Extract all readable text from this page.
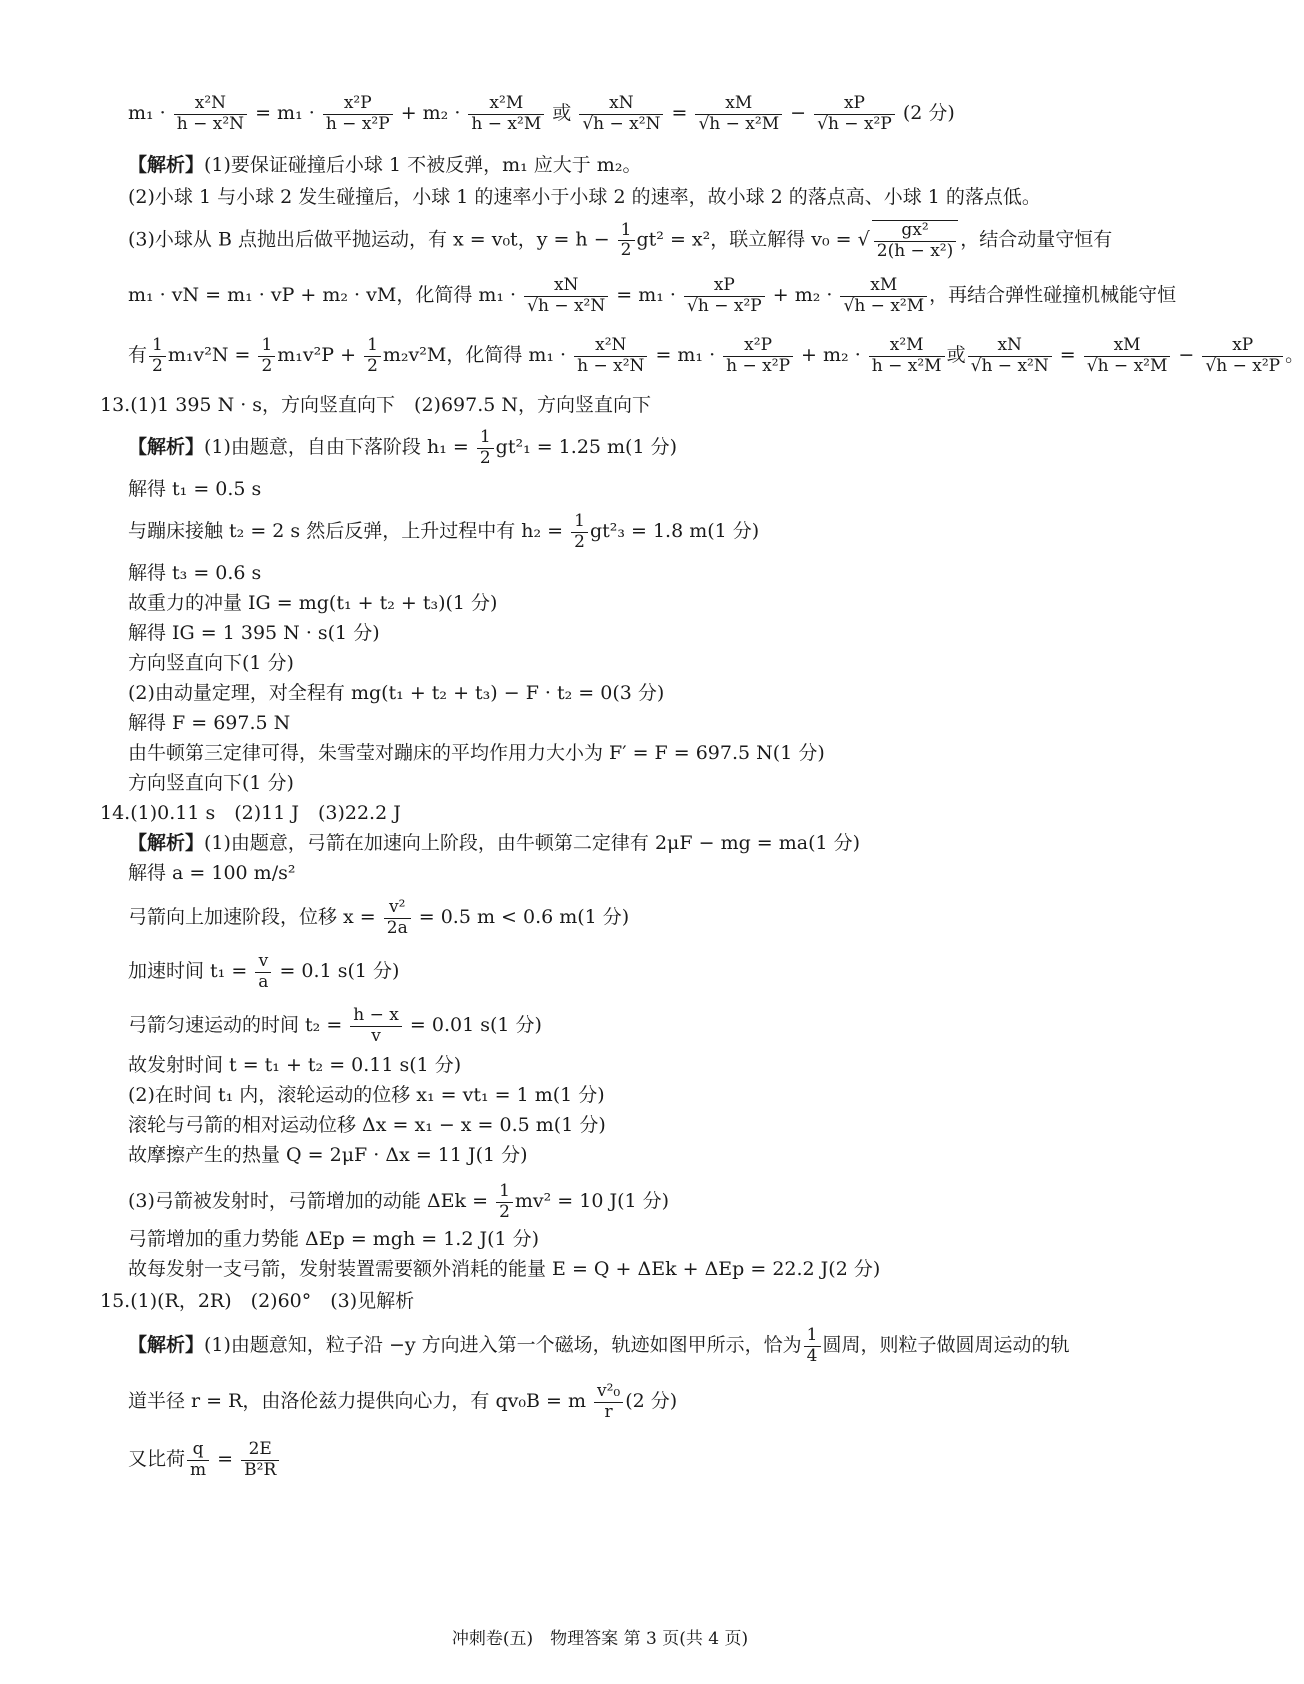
$m_1 \cdot \frac{\text{x²N}}{\text{h − x²N}} = m_1 \cdot \frac{\text{x²P}}{\text{h − x²P}} + m_2 \cdot \frac{\text{x²M}}{\text{h − x²M}}$ 或 $\frac{xN}{\text{√h − x²N}} = \frac{xM}{\text{√h − x²M}} - \frac{xP}{\text{√h − x²P}} (2$ 分)
【解析】(1)要保证碰撞后小球 1 不被反弹，m₁ 应大于 m₂。
(2)小球 1 与小球 2 发生碰撞后，小球 1 的速率小于小球 2 的速率，故小球 2 的落点高、小球 1 的落点低。
(3)小球从 B 点抛出后做平抛运动，有 x = v₀t，$y = h - \frac{1}{2} gt^2 = x^2$，联立解得 v₀ = √ $\frac{\text{gx²}}{\text{2(h − x²)}}$ ，结合动量守恒有
m₁ · vN = m₁ · vP + m₂ · vM，化简得 $m_1 \cdot \frac{xN}{\text{√h − x²N}} = m_1 \cdot \frac{xP}{\text{√h − x²P}} + m_2 \cdot \frac{xM}{\text{√h − x²M}}$ ，再结合弹性碰撞机械能守恒
有 $\frac{1}{2} m_1v^2N = \frac{1}{2} m_1v^2P + \frac{1}{2} m_2v^2M$，化简得 $m_1 \cdot \frac{\text{x²N}}{\text{h − x²N}} = m_1 \cdot \frac{\text{x²P}}{\text{h − x²P}} + m_2 \cdot \frac{\text{x²M}}{\text{h − x²M}}$ 或 $\frac{xN}{\text{√h − x²N}} = \frac{xM}{\text{√h − x²M}} - \frac{xP}{\text{√h − x²P}}$ 。
13.(1)1 395 N · s，方向竖直向下　(2)697.5 N，方向竖直向下
【解析】(1)由题意，自由下落阶段 $h_1 = \frac{1}{2} gt^2_1 = 1.25$ m(1 分)
解得 t₁ = 0.5 s
与蹦床接触 t₂ = 2 s 然后反弹，上升过程中有 $h_2 = \frac{1}{2} gt^2_3 = 1.8$ m(1 分)
解得 t₃ = 0.6 s
故重力的冲量 IG = mg(t₁ + t₂ + t₃)(1 分)
解得 IG = 1 395 N · s(1 分)
方向竖直向下(1 分)
(2)由动量定理，对全程有 mg(t₁ + t₂ + t₃) − F · t₂ = 0(3 分)
解得 F = 697.5 N
由牛顿第三定律可得，朱雪莹对蹦床的平均作用力大小为 F′ = F = 697.5 N(1 分)
方向竖直向下(1 分)
14.(1)0.11 s　(2)11 J　(3)22.2 J
【解析】(1)由题意，弓箭在加速向上阶段，由牛顿第二定律有 2μF − mg = ma(1 分)
解得 a = 100 m/s²
弓箭向上加速阶段，位移 $x = \frac{\text{v²}}{2a} = 0.5$ m < 0.6 m(1 分)
加速时间 $t_1 = \frac{v}{a} = 0.1$ s(1 分)
弓箭匀速运动的时间 $t_2 = \frac{h - x}{v} = 0.01$ s(1 分)
故发射时间 t = t₁ + t₂ = 0.11 s(1 分)
(2)在时间 t₁ 内，滚轮运动的位移 x₁ = vt₁ = 1 m(1 分)
滚轮与弓箭的相对运动位移 Δx = x₁ − x = 0.5 m(1 分)
故摩擦产生的热量 Q = 2μF · Δx = 11 J(1 分)
(3)弓箭被发射时，弓箭增加的动能 $\Delta Ek = \frac{1}{2} mv^2 = 10$ J(1 分)
弓箭增加的重力势能 ΔEp = mgh = 1.2 J(1 分)
故每发射一支弓箭，发射装置需要额外消耗的能量 E = Q + ΔEk + ΔEp = 22.2 J(2 分)
15.(1)(R，2R)　(2)60°　(3)见解析
【解析】(1)由题意知，粒子沿 −y 方向进入第一个磁场，轨迹如图甲所示，恰为 $\frac{1}{4}$ 圆周，则粒子做圆周运动的轨
道半径 r = R，由洛伦兹力提供向心力，有 qv₀B = m $\frac{\text{v²₀}}{r} (2$ 分)
又比荷 $\frac{q}{m} = \frac{2E}{\text{B²R}}$
冲刺卷(五)　物理答案 第 3 页(共 4 页)
